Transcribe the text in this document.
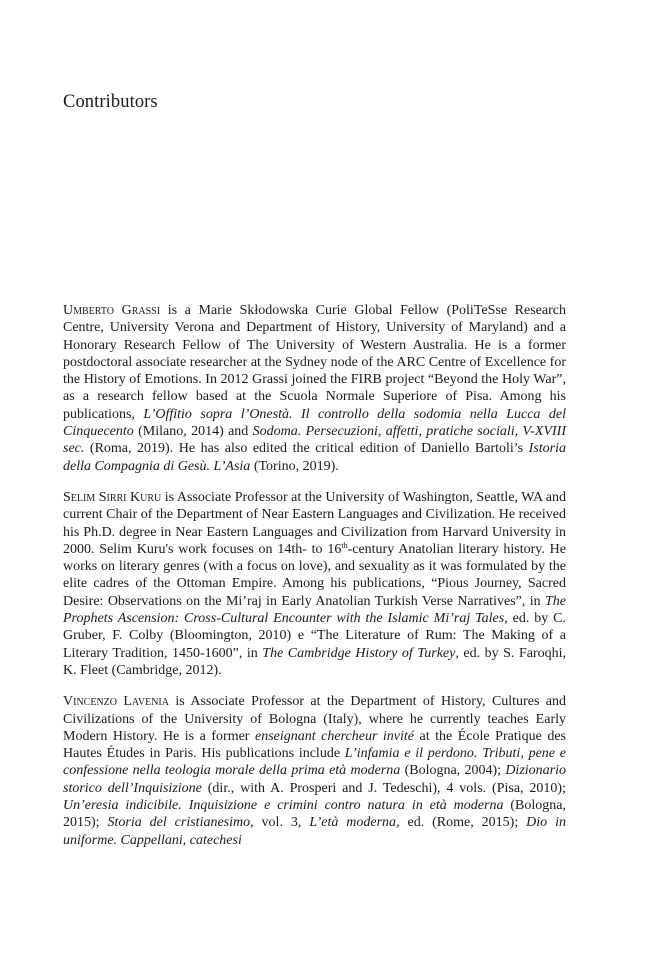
Contributors

Umberto Grassi is a Marie Skłodowska Curie Global Fellow (PoliTeSse Research Centre, University Verona and Department of History, University of Maryland) and a Honorary Research Fellow of The University of Western Australia. He is a former postdoctoral associate researcher at the Sydney node of the ARC Centre of Excellence for the History of Emotions. In 2012 Grassi joined the FIRB project “Beyond the Holy War”, as a research fellow based at the Scuola Normale Superiore of Pisa. Among his publications, L’Offitio sopra l’Onestà. Il controllo della sodomia nella Lucca del Cinquecento (Milano, 2014) and Sodoma. Persecuzioni, affetti, pratiche sociali, V-XVIII sec. (Roma, 2019). He has also edited the critical edition of Daniello Bartoli’s Istoria della Compagnia di Gesù. L’Asia (Torino, 2019).

Selim Sirri Kuru is Associate Professor at the University of Washington, Seattle, WA and current Chair of the Department of Near Eastern Languages and Civilization. He received his Ph.D. degree in Near Eastern Languages and Civilization from Harvard University in 2000. Selim Kuru's work focuses on 14th- to 16th-century Anatolian literary history. He works on literary genres (with a focus on love), and sexuality as it was formulated by the elite cadres of the Ottoman Empire. Among his publications, “Pious Journey, Sacred Desire: Observations on the Mi’raj in Early Anatolian Turkish Verse Narratives”, in The Prophets Ascension: Cross-Cultural Encounter with the Islamic Mi’raj Tales, ed. by C. Gruber, F. Colby (Bloomington, 2010) e “The Literature of Rum: The Making of a Literary Tradition, 1450-1600”, in The Cambridge History of Turkey, ed. by S. Faroqhi, K. Fleet (Cambridge, 2012).

Vincenzo Lavenia is Associate Professor at the Department of History, Cultures and Civilizations of the University of Bologna (Italy), where he currently teaches Early Modern History. He is a former enseignant chercheur invité at the École Pratique des Hautes Études in Paris. His publications include L’infamia e il perdono. Tributi, pene e confessione nella teologia morale della prima età moderna (Bologna, 2004); Dizionario storico dell’Inquisizione (dir., with A. Prosperi and J. Tedeschi), 4 vols. (Pisa, 2010); Un’eresia indicibile. Inquisizione e crimini contro natura in età moderna (Bologna, 2015); Storia del cristianesimo, vol. 3, L’età moderna, ed. (Rome, 2015); Dio in uniforme. Cappellani, catechesi
